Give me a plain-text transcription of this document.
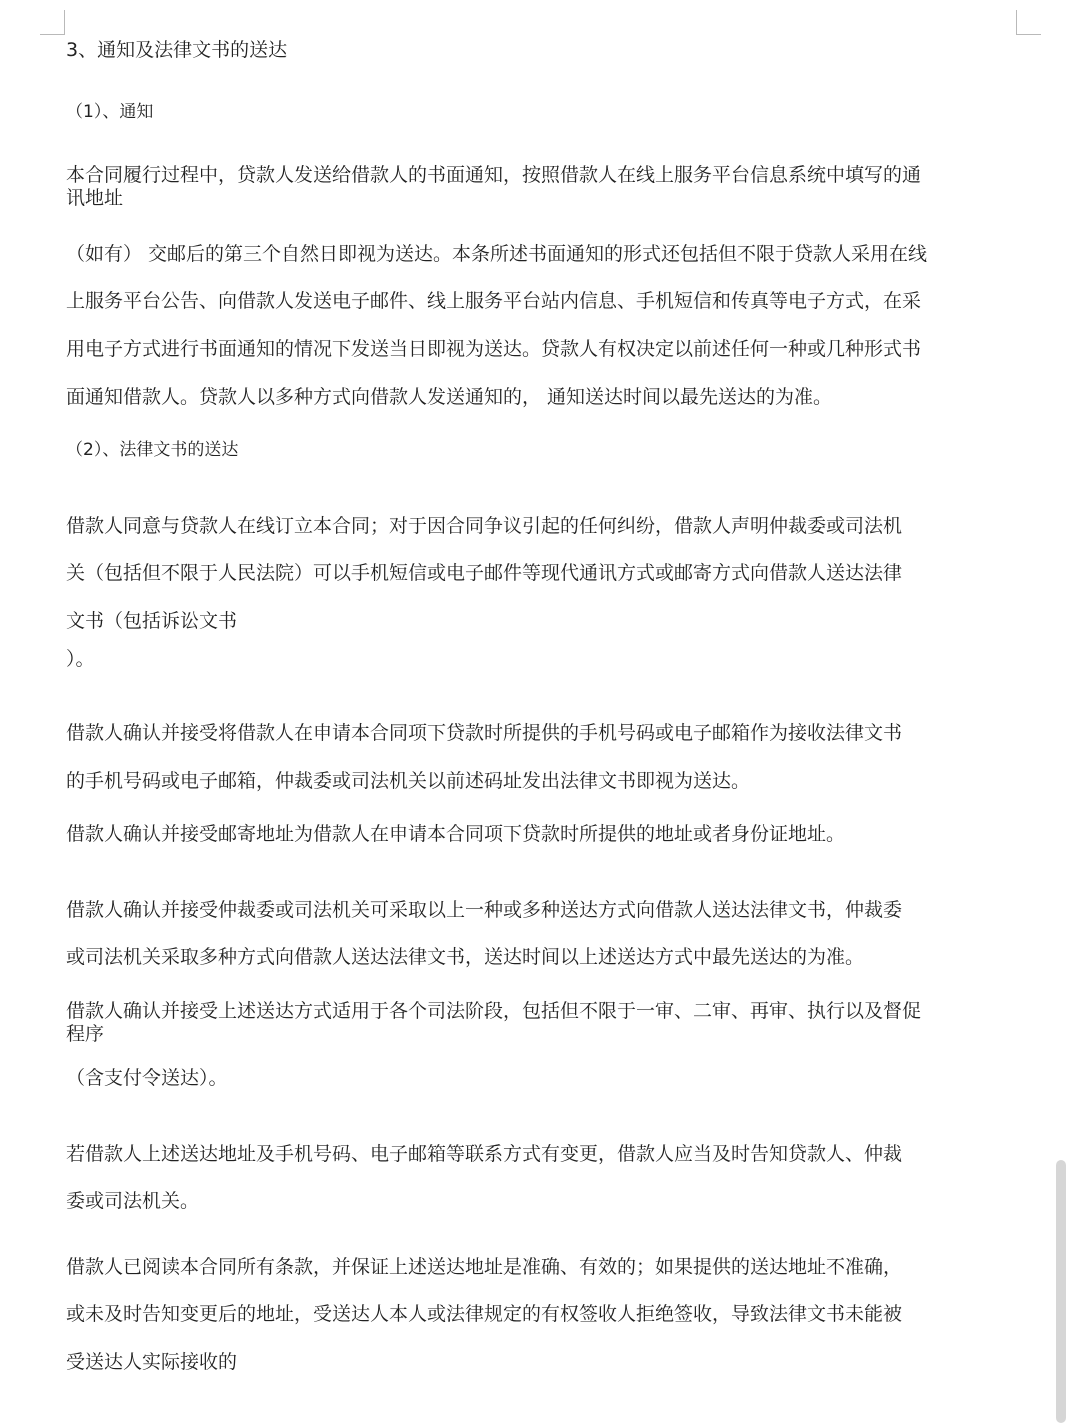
3、通知及法律文书的送达

（1）、通知

本合同履行过程中，贷款人发送给借款人的书面通知，按照借款人在线上服务平台信息系统中填写的通

讯地址

（如有） 交邮后的第三个自然日即视为送达。本条所述书面通知的形式还包括但不限于贷款人采用在线

上服务平台公告、向借款人发送电子邮件、线上服务平台站内信息、手机短信和传真等电子方式，在采

用电子方式进行书面通知的情况下发送当日即视为送达。贷款人有权决定以前述任何一种或几种形式书

面通知借款人。贷款人以多种方式向借款人发送通知的， 通知送达时间以最先送达的为准。

（2）、法律文书的送达

借款人同意与贷款人在线订立本合同；对于因合同争议引起的任何纠纷，借款人声明仲裁委或司法机

关（包括但不限于人民法院）可以手机短信或电子邮件等现代通讯方式或邮寄方式向借款人送达法律

文书（包括诉讼文书

）。

借款人确认并接受将借款人在申请本合同项下贷款时所提供的手机号码或电子邮箱作为接收法律文书

的手机号码或电子邮箱，仲裁委或司法机关以前述码址发出法律文书即视为送达。

借款人确认并接受邮寄地址为借款人在申请本合同项下贷款时所提供的地址或者身份证地址。

借款人确认并接受仲裁委或司法机关可采取以上一种或多种送达方式向借款人送达法律文书，仲裁委

或司法机关采取多种方式向借款人送达法律文书，送达时间以上述送达方式中最先送达的为准。

借款人确认并接受上述送达方式适用于各个司法阶段，包括但不限于一审、二审、再审、执行以及督促

程序

（含支付令送达）。

若借款人上述送达地址及手机号码、电子邮箱等联系方式有变更，借款人应当及时告知贷款人、仲裁

委或司法机关。

借款人已阅读本合同所有条款，并保证上述送达地址是准确、有效的；如果提供的送达地址不准确，

或未及时告知变更后的地址，受送达人本人或法律规定的有权签收人拒绝签收，导致法律文书未能被

受送达人实际接收的
